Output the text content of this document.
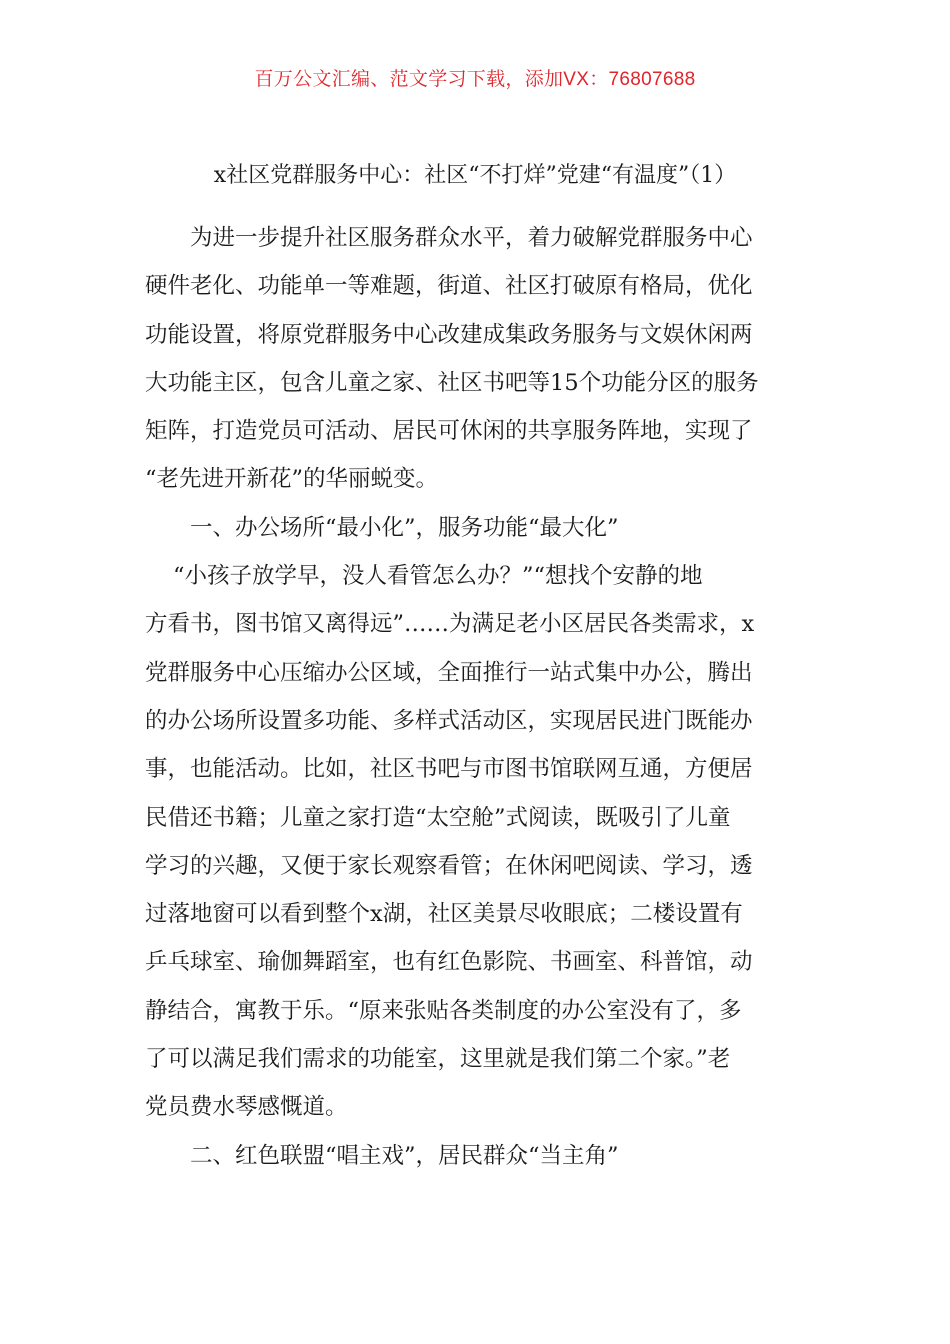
百万公文汇编、范文学习下载，添加VX：76807688
x社区党群服务中心：社区“不打烊”党建“有温度”（1）
为进一步提升社区服务群众水平，着力破解党群服务中心
硬件老化、功能单一等难题，街道、社区打破原有格局，优化
功能设置，将原党群服务中心改建成集政务服务与文娱休闲两
大功能主区，包含儿童之家、社区书吧等15个功能分区的服务
矩阵，打造党员可活动、居民可休闲的共享服务阵地，实现了
“老先进开新花”的华丽蜕变。
一、办公场所“最小化”，服务功能“最大化”
“小孩子放学早，没人看管怎么办？”“想找个安静的地
方看书，图书馆又离得远”……为满足老小区居民各类需求，x
党群服务中心压缩办公区域，全面推行一站式集中办公，腾出
的办公场所设置多功能、多样式活动区，实现居民进门既能办
事，也能活动。比如，社区书吧与市图书馆联网互通，方便居
民借还书籍；儿童之家打造“太空舱”式阅读，既吸引了儿童
学习的兴趣，又便于家长观察看管；在休闲吧阅读、学习，透
过落地窗可以看到整个x湖，社区美景尽收眼底；二楼设置有
乒乓球室、瑜伽舞蹈室，也有红色影院、书画室、科普馆，动
静结合，寓教于乐。“原来张贴各类制度的办公室没有了，多
了可以满足我们需求的功能室，这里就是我们第二个家。”老
党员费水琴感慨道。
二、红色联盟“唱主戏”，居民群众“当主角”
